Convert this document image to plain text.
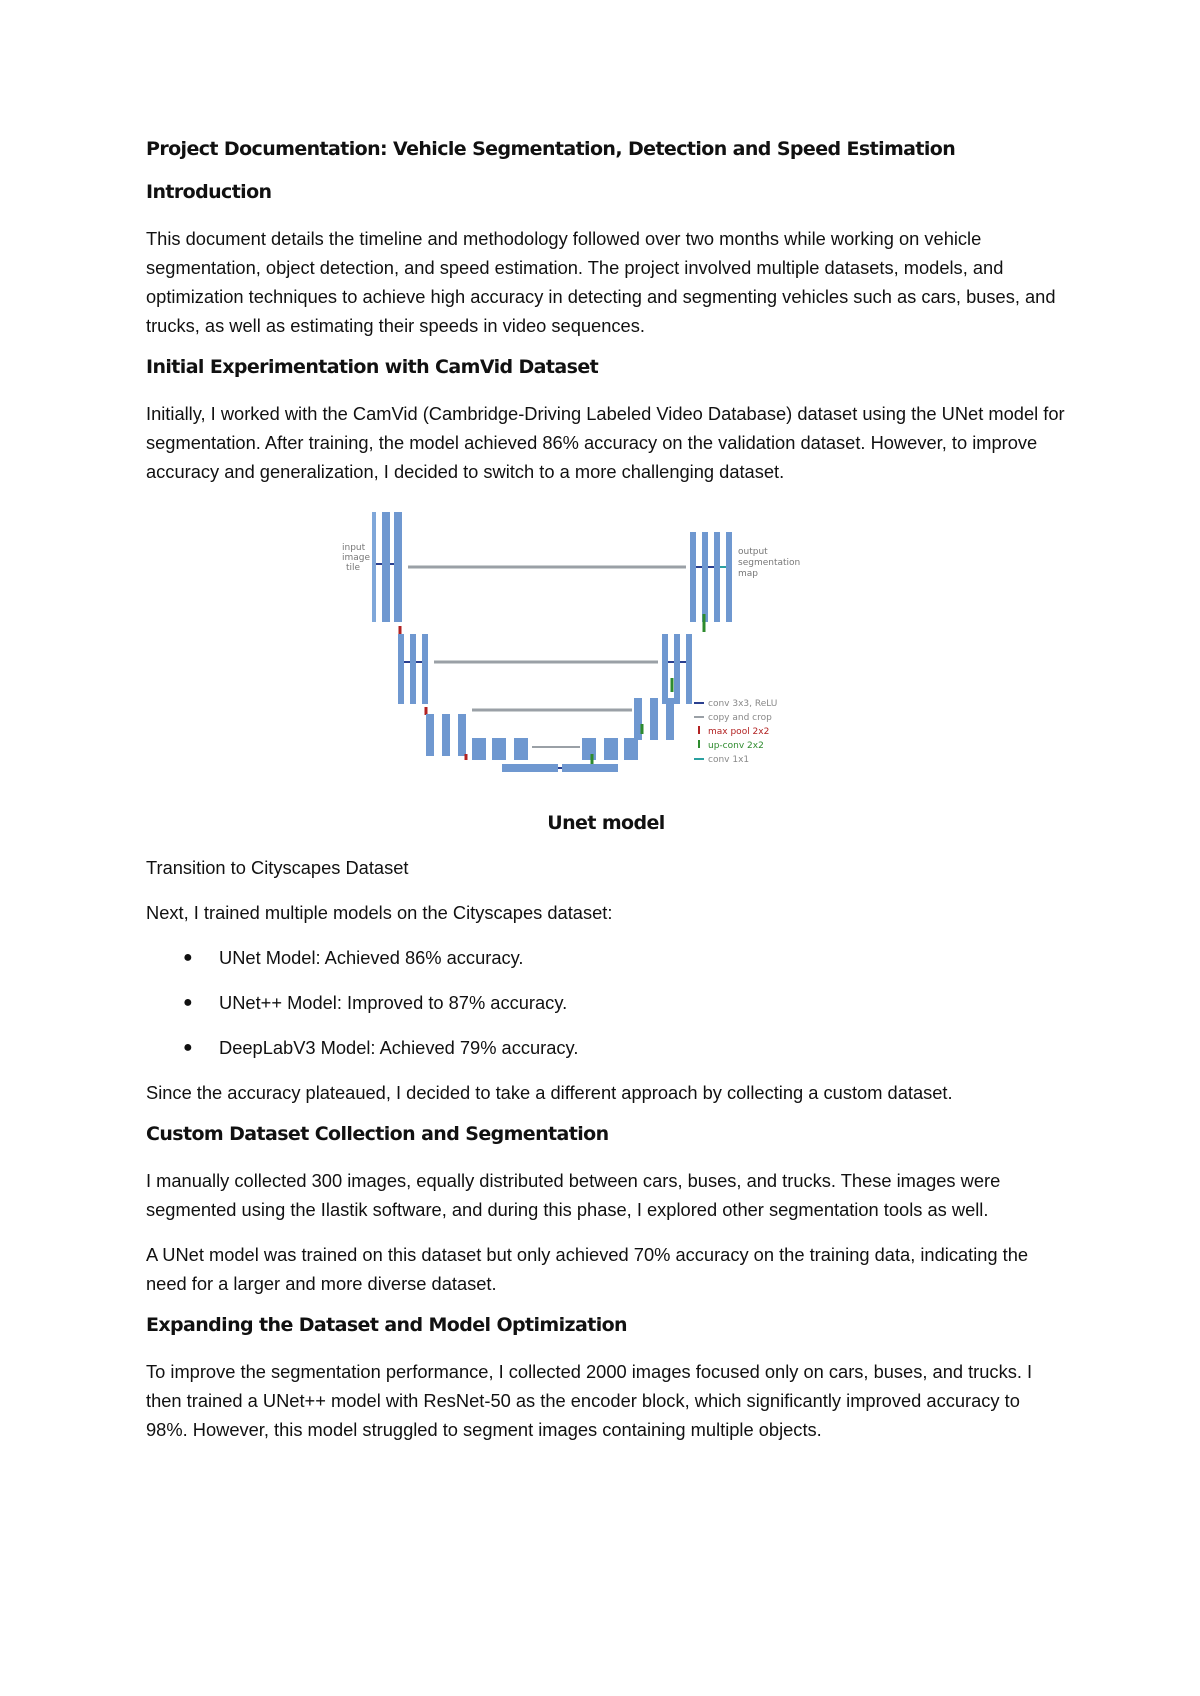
Project Documentation: Vehicle Segmentation, Detection and Speed Estimation
Introduction

This document details the timeline and methodology followed over two months while working on vehicle segmentation, object detection, and speed estimation. The project involved multiple datasets, models, and optimization techniques to achieve high accuracy in detecting and segmenting vehicles such as cars, buses, and trucks, as well as estimating their speeds in video sequences.

Initial Experimentation with CamVid Dataset

Initially, I worked with the CamVid (Cambridge-Driving Labeled Video Database) dataset using the UNet model for segmentation. After training, the model achieved 86% accuracy on the validation dataset. However, to improve accuracy and generalization, I decided to switch to a more challenging dataset.

input
image
tile
output
segmentation
map
conv 3x3, ReLU
copy and crop
max pool 2x2
up-conv 2x2
conv 1x1
Unet model
Transition to Cityscapes Dataset

Next, I trained multiple models on the Cityscapes dataset:

● UNet Model: Achieved 86% accuracy.
● UNet++ Model: Improved to 87% accuracy.
● DeepLabV3 Model: Achieved 79% accuracy.

Since the accuracy plateaued, I decided to take a different approach by collecting a custom dataset.

Custom Dataset Collection and Segmentation

I manually collected 300 images, equally distributed between cars, buses, and trucks. These images were segmented using the Ilastik software, and during this phase, I explored other segmentation tools as well.

A UNet model was trained on this dataset but only achieved 70% accuracy on the training data, indicating the need for a larger and more diverse dataset.

Expanding the Dataset and Model Optimization

To improve the segmentation performance, I collected 2000 images focused only on cars, buses, and trucks. I then trained a UNet++ model with ResNet-50 as the encoder block, which significantly improved accuracy to 98%. However, this model struggled to segment images containing multiple objects.
